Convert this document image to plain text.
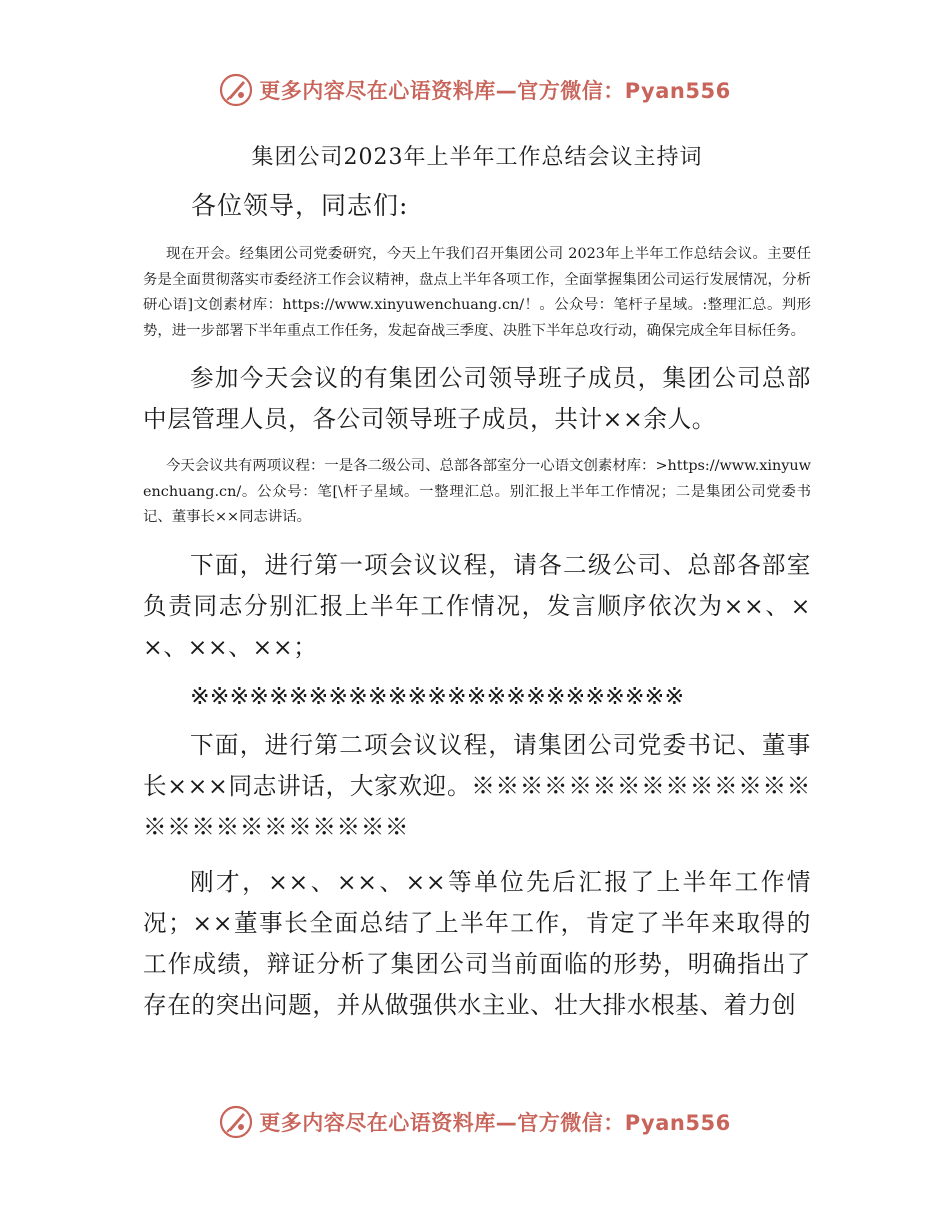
更多内容尽在心语资料库—官方微信：Pyan556

集团公司2023年上半年工作总结会议主持词

各位领导，同志们:

现在开会。经集团公司党委研究，今天上午我们召开集团公司 2023年上半年工作总结会议。主要任务是全面贯彻落实市委经济工作会议精神，盘点上半年各项工作，全面掌握集团公司运行发展情况，分析研心语]文创素材库：https://www.xinyuwenchuang.cn/！。公众号：笔杆子星域。:整理汇总。判形势，进一步部署下半年重点工作任务，发起奋战三季度、决胜下半年总攻行动，确保完成全年目标任务。

参加今天会议的有集团公司领导班子成员，集团公司总部中层管理人员，各公司领导班子成员，共计××余人。

今天会议共有两项议程：一是各二级公司、总部各部室分一心语文创素材库：>https://www.xinyuwenchuang.cn/。公众号：笔[\杆子星域。一整理汇总。别汇报上半年工作情况；二是集团公司党委书记、董事长××同志讲话。

下面，进行第一项会议议程，请各二级公司、总部各部室负责同志分别汇报上半年工作情况，发言顺序依次为××、××、××、××；

※※※※※※※※※※※※※※※※※※※※※※※※※

下面，进行第二项会议议程，请集团公司党委书记、董事长×××同志讲话，大家欢迎。※※※※※※※※※※※※※※※※※※※※※※※※※

刚才，××、××、××等单位先后汇报了上半年工作情况；××董事长全面总结了上半年工作，肯定了半年来取得的工作成绩，辩证分析了集团公司当前面临的形势，明确指出了存在的突出问题，并从做强供水主业、壮大排水根基、着力创

更多内容尽在心语资料库—官方微信：Pyan556
